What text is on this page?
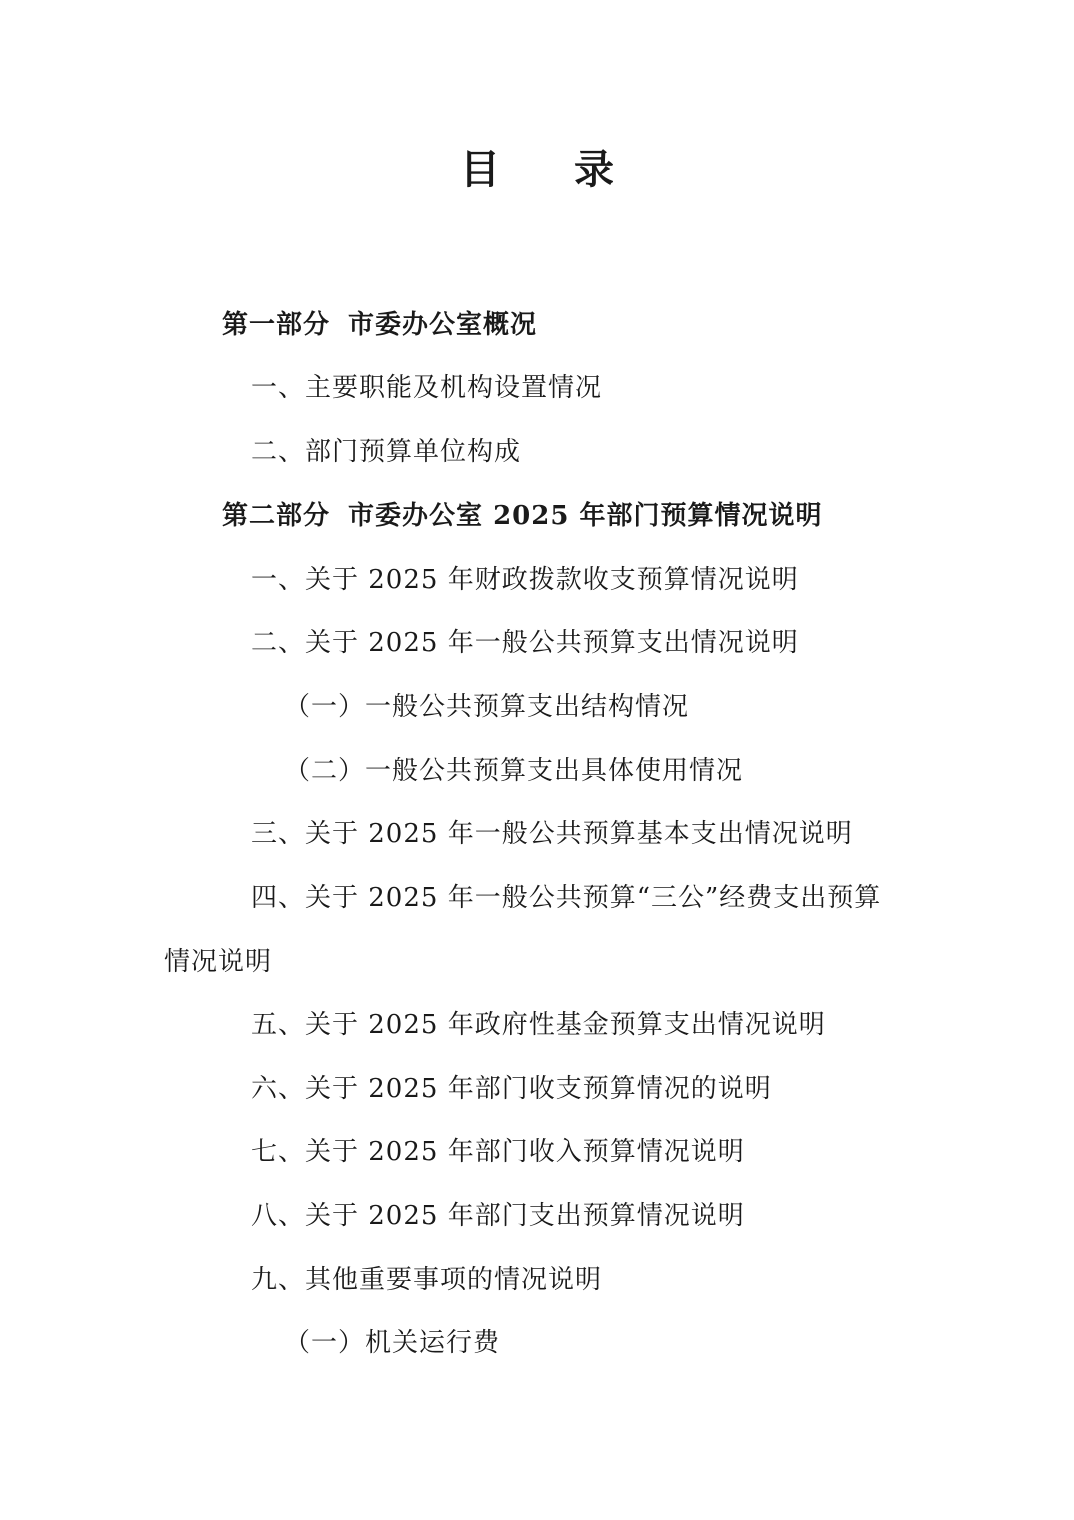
目 录
第一部分 市委办公室概况
一、主要职能及机构设置情况
二、部门预算单位构成
第二部分 市委办公室 2025 年部门预算情况说明
一、关于 2025 年财政拨款收支预算情况说明
二、关于 2025 年一般公共预算支出情况说明
（一）一般公共预算支出结构情况
（二）一般公共预算支出具体使用情况
三、关于 2025 年一般公共预算基本支出情况说明
四、关于 2025 年一般公共预算“三公”经费支出预算
情况说明
五、关于 2025 年政府性基金预算支出情况说明
六、关于 2025 年部门收支预算情况的说明
七、关于 2025 年部门收入预算情况说明
八、关于 2025 年部门支出预算情况说明
九、其他重要事项的情况说明
（一）机关运行费
